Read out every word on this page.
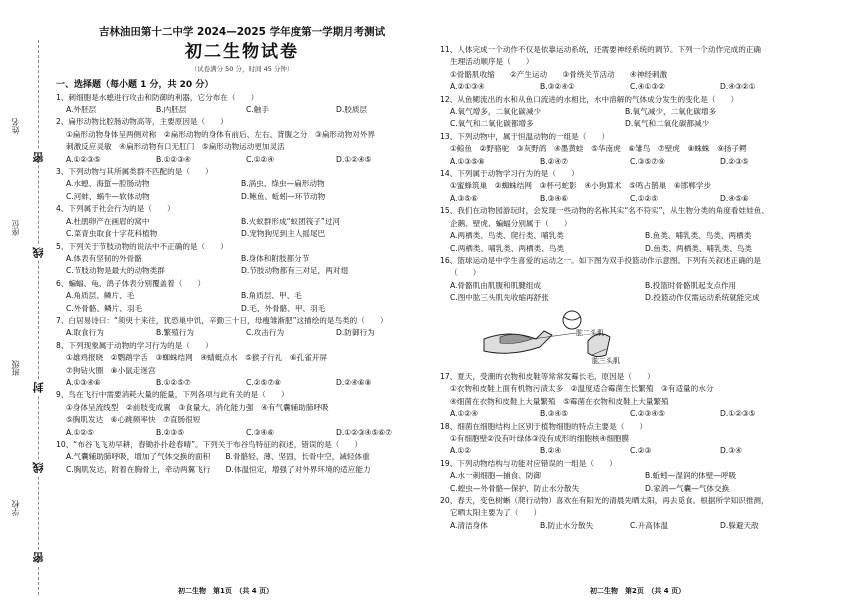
姓名
座位
班级
学校
密
线
封
线
密
吉林油田第十二中学 2024—2025 学年度第一学期月考测试
初二生物试卷
（试卷满分 50 分，时间 45 分钟）
一、选择题（每小题 1 分，共 20 分）
1、刺细胞是水螅进行攻击和防御的利器，它分布在（　　）
A.外胚层	B.内胚层	C.触手	D.胶质层
2、扁形动物比腔肠动物高等，主要原因是（　　）
①扁形动物身体呈两侧对称　②扁形动物的身体有前后、左右、背腹之分　③扁形动物对外界
刺激反应灵敏　④扁形动物有口无肛门　⑤扁形动物运动更加灵活
A.①②③⑤	B.①②③④	C.①②④	D.①②④⑤
3、下列动物与其所属类群不匹配的是（　　）
A.水螅、海蜇—腔肠动物	B.涡虫、绦虫—扁形动物
C.河蚌、蜗牛—软体动物	D.鲍鱼、蚯蚓—环节动物
4、下列属于社会行为的是（　　）
A.杜鹃卵产在画眉的窝中	B.火蚁群形成“蚁团筏子”过河
C.菜青虫取食十字花科植物	D.宠物狗见到主人摇尾巴
5、下列关于节肢动物的说法中不正确的是（　　）
A.体表有坚韧的外骨骼	B.身体和附肢都分节
C.节肢动物是最大的动物类群	D.节肢动物都有三对足，两对翅
6、蝙蝠、龟、鸽子体表分别覆盖着（　　）
A.角质层、鳞片、毛	B.角质层、甲、毛
C.外骨骼、鳞片、羽毛	D.毛、外骨骼、甲、羽毛
7、白居易诗曰：“须臾十来往，犹恐巢中饥，辛勤三十日，母瘦雏渐肥”这描绘的是鸟类的（　　）
A.取食行为	B.繁殖行为	C.攻击行为	D.防御行为
8、下列现象属于动物的学习行为的是（　　）
①雄鸡报晓　②鹦鹉学舌　③蜘蛛结网　④蜻蜓点水　⑤猴子行礼　⑥孔雀开屏
⑦狗钻火圈　⑧小鼠走迷宫
A.①③④⑥	B.①②⑤⑦	C.②⑤⑦⑧	D.②④⑥⑧
9、鸟在飞行中需要消耗大量的能量，下列各项与此有关的是（　　）
①身体呈流线型　②前肢变成翼　③食量大，消化能力强　④有气囊辅助肺呼吸
⑤胸肌发达　⑥心跳频率快　⑦直肠很短
A.①②⑤	B.②③⑤	C.③④⑥	D.①②③④⑤⑥⑦
10、“布谷飞飞劝早耕，舂锄扑扑趁春晴”。下列关于布谷鸟特征的叙述，错误的是（　　）
A.气囊辅助肺呼吸，增加了气体交换的面积　　B.骨骼轻、薄、坚固，长骨中空，减轻体重
C.胸肌发达，附着在胸骨上，牵动两翼飞行　　D.体温恒定，增强了对外界环境的适应能力
11、人体完成一个动作不仅是依靠运动系统，还需要神经系统的调节。下列一个动作完成的正确
生理活动顺序是（　　）
①骨骼肌收缩　　②产生运动　　③骨绕关节活动　　④神经刺激
A.②①③④	B.③②④①	C.④①③②	D.④③②①
12、从鱼鳃流出的水和从鱼口流进的水相比，水中溶解的气体成分发生的变化是（　　）
A.氧气增多，二氧化碳减少	B.氧气减少，二氧化碳增多
C.氧气和二氧化碳都增多	D.氧气和二氧化碳都减少
13、下列动物中，属于恒温动物的一组是（　　）
①鲸鱼　②野骆驼　③灰野鸽　④墨黄蛙　⑤华南虎　⑥雏鸟　⑦壁虎　⑧蛛蛛　⑨扬子鳄
A.①③⑤⑧	B.②④⑦	C.③⑤⑦⑨	D.②③⑤
14、下列属于动物学习行为的是（　　）
①蜜蜂筑巢　②蜘蛛结网　③杯弓蛇影　④小狗算术　⑤鸣占鹊巢　⑥邯郸学步
A.③⑤⑥	B.③④⑥	C.①②⑤	D.④⑤⑥
15、我们在动物园游玩时，会发现一些动物的名称其实“名不符实”，从生物分类的角度看娃娃鱼、
企鹅、壁虎、蝙蝠分别属于（　　）
A.两栖类、鸟类、爬行类、哺乳类	B.鱼类、哺乳类、鸟类、两栖类
C.两栖类、哺乳类、两栖类、鸟类	D.鱼类、两栖类、哺乳类、鸟类
16、篮球运动是中学生喜爱的运动之一。如下图为双手投篮动作示意图。下列有关叙述正确的是
（　　）
A.骨骼肌由肌腹和肌腱组成	B.投篮时骨骼肌起支点作用
C.图中肱三头肌先收缩再舒张	D.投篮动作仅需运动系统就能完成
肱二头肌
肱三头肌
17、夏天，受潮的衣物和皮鞋等常常发霉长毛，原因是（　　）
①衣物和皮鞋上面有机物污渍太多　②温度适合霉菌生长繁殖　③有适量的水分
④细菌在衣物和皮鞋上大量繁殖　⑤霉菌在衣物和皮鞋上大量繁殖
A.①②④	B.③④⑤	C.②③④⑤	D.①②③⑤
18、细菌在细胞结构上区别于植物细胞的特点主要是（　　）
①有细胞壁②没有叶绿体③没有成形的细胞核④细胞膜
A.①②	B.②④	C.②③	D.③④
19、下列动物结构与功能对应错误的一组是（　　）
A.水一刺细胞—捕食、防御	B.蚯蚓—湿润的体壁—呼吸
C.蝗虫—外骨骼—保护、防止水分散失	D.家鸽—气囊—气体交换
20、春天，变色树蜥（爬行动物）喜欢在有阳光的清晨先晒太阳，再去觅食。根据所学知识推测，
它晒太阳主要为了（　　）
A.清洁身体	B.防止水分散失	C.升高体温	D.躲避天敌
初二生物　第1页　（共 4 页）	初二生物　第2页　（共 4 页）
